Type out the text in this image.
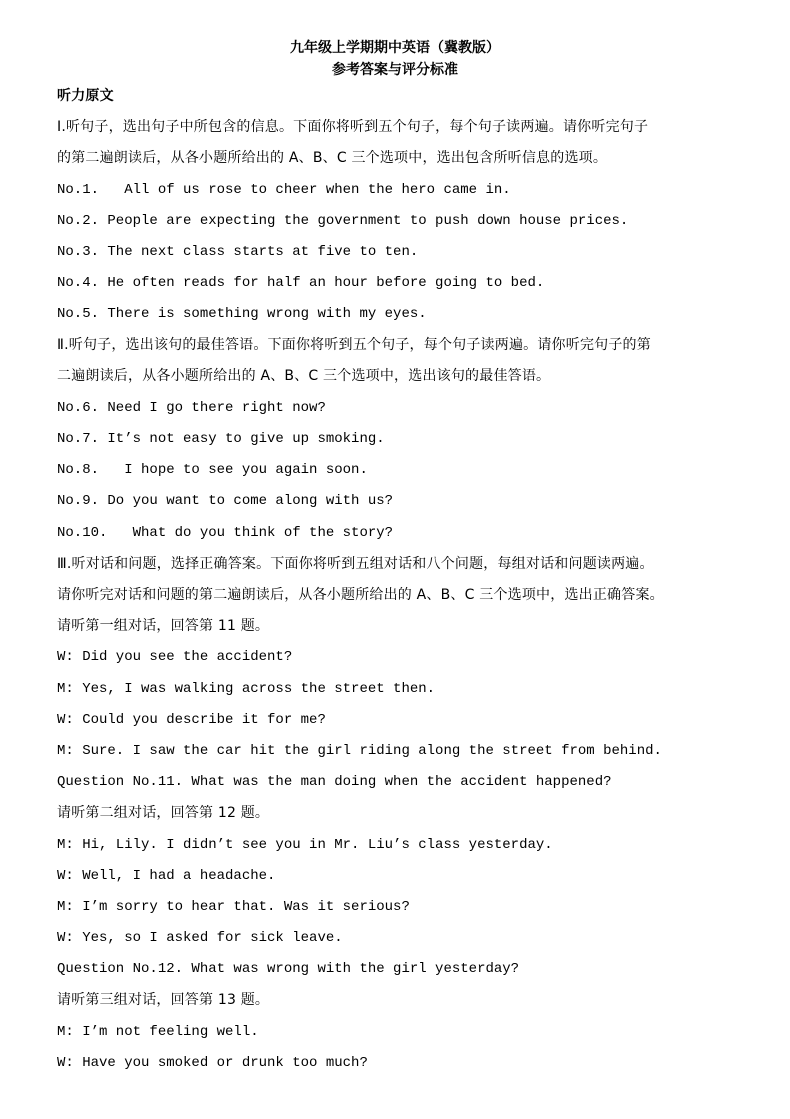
九年级上学期期中英语（冀教版）
参考答案与评分标准
听力原文
Ⅰ.听句子，选出句子中所包含的信息。下面你将听到五个句子，每个句子读两遍。请你听完句子
的第二遍朗读后，从各小题所给出的 A、B、C 三个选项中，选出包含所听信息的选项。
No.1.   All of us rose to cheer when the hero came in.
No.2. People are expecting the government to push down house prices.
No.3. The next class starts at five to ten.
No.4. He often reads for half an hour before going to bed.
No.5. There is something wrong with my eyes.
Ⅱ.听句子，选出该句的最佳答语。下面你将听到五个句子，每个句子读两遍。请你听完句子的第
二遍朗读后，从各小题所给出的 A、B、C 三个选项中，选出该句的最佳答语。
No.6. Need I go there right now?
No.7. It’s not easy to give up smoking.
No.8.   I hope to see you again soon.
No.9. Do you want to come along with us?
No.10.   What do you think of the story?
Ⅲ.听对话和问题，选择正确答案。下面你将听到五组对话和八个问题，每组对话和问题读两遍。
请你听完对话和问题的第二遍朗读后，从各小题所给出的 A、B、C 三个选项中，选出正确答案。
请听第一组对话，回答第 11 题。
W: Did you see the accident?
M: Yes, I was walking across the street then.
W: Could you describe it for me?
M: Sure. I saw the car hit the girl riding along the street from behind.
Question No.11. What was the man doing when the accident happened?
请听第二组对话，回答第 12 题。
M: Hi, Lily. I didn’t see you in Mr. Liu’s class yesterday.
W: Well, I had a headache.
M: I’m sorry to hear that. Was it serious?
W: Yes, so I asked for sick leave.
Question No.12. What was wrong with the girl yesterday?
请听第三组对话，回答第 13 题。
M: I’m not feeling well.
W: Have you smoked or drunk too much?
